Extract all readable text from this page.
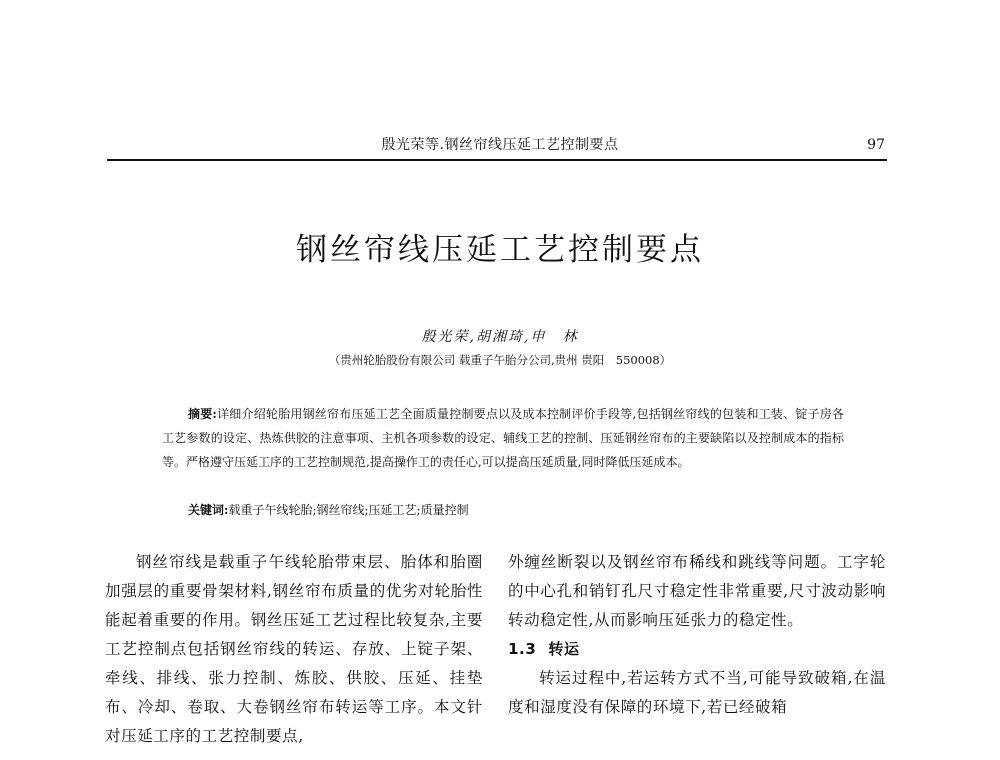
殷光荣等.钢丝帘线压延工艺控制要点	97
钢丝帘线压延工艺控制要点
殷光荣,胡湘琦,申　林
（贵州轮胎股份有限公司 载重子午胎分公司,贵州 贵阳　550008）
摘要:详细介绍轮胎用钢丝帘布压延工艺全面质量控制要点以及成本控制评价手段等,包括钢丝帘线的包装和工装、锭子房各工艺参数的设定、热炼供胶的注意事项、主机各项参数的设定、辅线工艺的控制、压延钢丝帘布的主要缺陷以及控制成本的指标等。严格遵守压延工序的工艺控制规范,提高操作工的责任心,可以提高压延质量,同时降低压延成本。
关键词:载重子午线轮胎;钢丝帘线;压延工艺;质量控制

钢丝帘线是载重子午线轮胎带束层、胎体和胎圈加强层的重要骨架材料,钢丝帘布质量的优劣对轮胎性能起着重要的作用。钢丝压延工艺过程比较复杂,主要工艺控制点包括钢丝帘线的转运、存放、上锭子架、牵线、排线、张力控制、炼胶、供胶、压延、挂垫布、冷却、卷取、大卷钢丝帘布转运等工序。本文针对压延工序的工艺控制要点,

外缠丝断裂以及钢丝帘布稀线和跳线等问题。工字轮的中心孔和销钉孔尺寸稳定性非常重要,尺寸波动影响转动稳定性,从而影响压延张力的稳定性。

1.3 转运

转运过程中,若运转方式不当,可能导致破箱,在温度和湿度没有保障的环境下,若已经破箱
